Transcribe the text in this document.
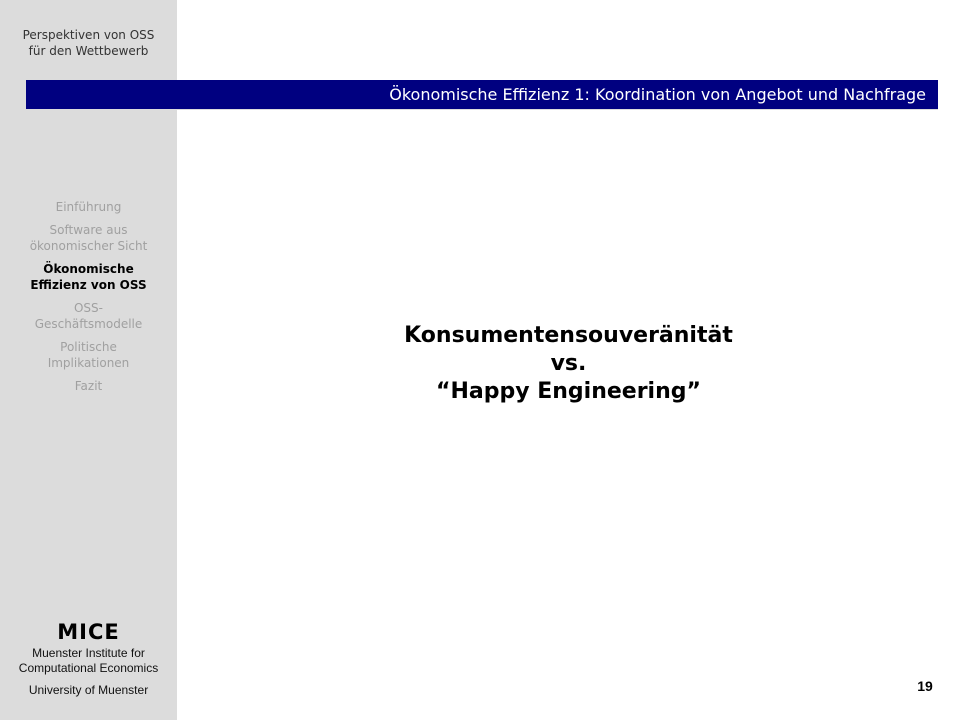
Perspektiven von OSS
für den Wettbewerb
Einführung
Software aus
ökonomischer Sicht
Ökonomische
Effizienz von OSS
OSS-
Geschäftsmodelle
Politische
Implikationen
Fazit
MICE
Muenster Institute for
Computational Economics
University of Muenster
Ökonomische Effizienz 1: Koordination von Angebot und Nachfrage
Konsumentensouveränität
vs.
“Happy Engineering”
19
